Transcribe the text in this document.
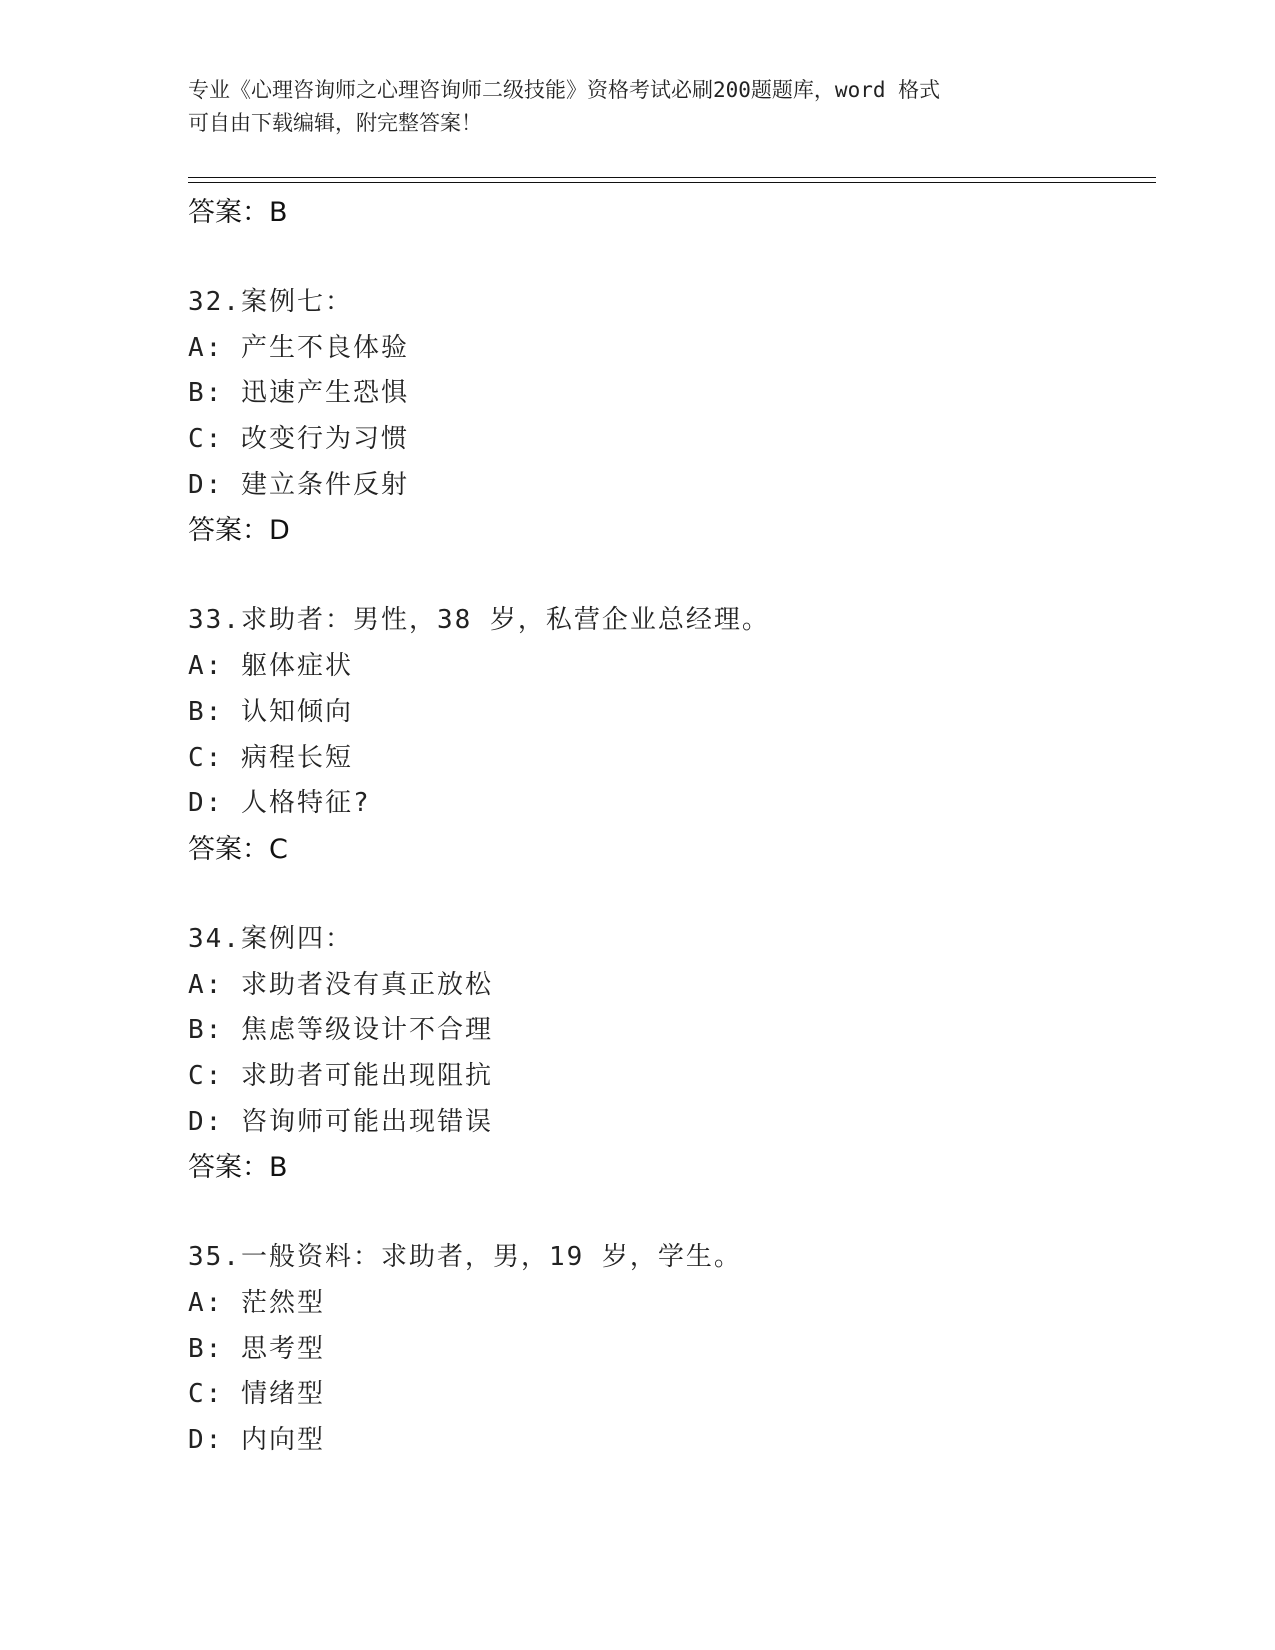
专业《心理咨询师之心理咨询师二级技能》资格考试必刷200题题库，word 格式
可自由下载编辑，附完整答案！
答案：B
32.案例七：
A: 产生不良体验
B: 迅速产生恐惧
C: 改变行为习惯
D: 建立条件反射
答案：D
33.求助者：男性，38 岁，私营企业总经理。
A: 躯体症状
B: 认知倾向
C: 病程长短
D: 人格特征?
答案：C
34.案例四：
A: 求助者没有真正放松
B: 焦虑等级设计不合理
C: 求助者可能出现阻抗
D: 咨询师可能出现错误
答案：B
35.一般资料：求助者，男，19 岁，学生。
A: 茫然型
B: 思考型
C: 情绪型
D: 内向型
